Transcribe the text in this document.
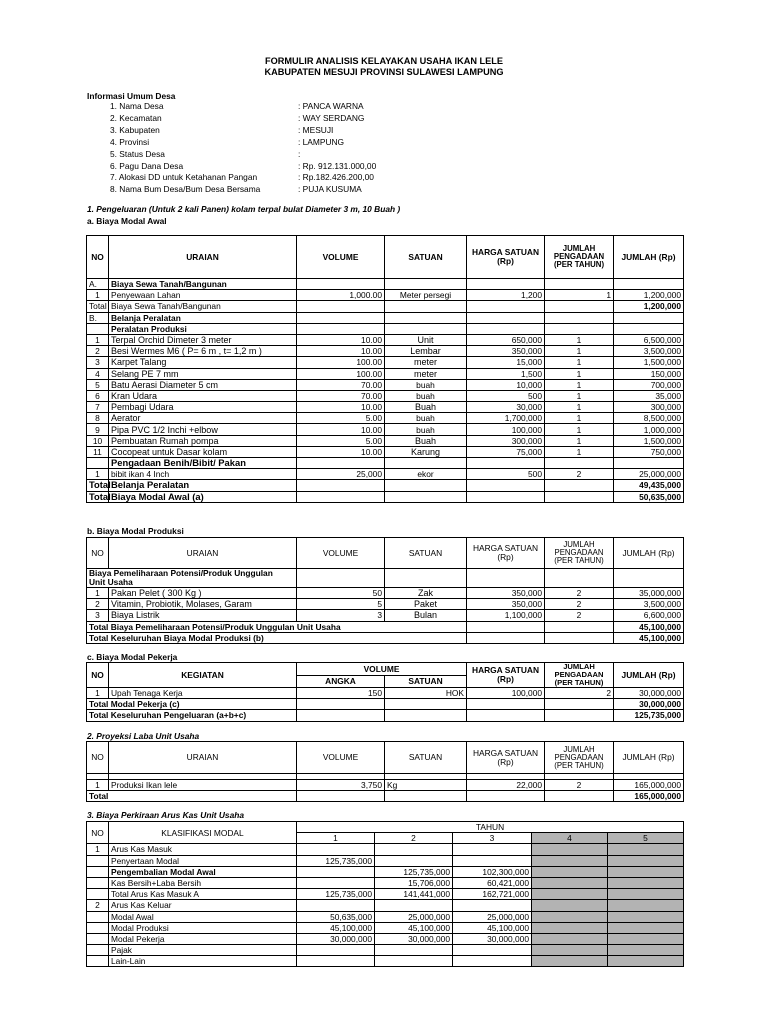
FORMULIR ANALISIS KELAYAKAN USAHA IKAN LELE
KABUPATEN MESUJI PROVINSI SULAWESI LAMPUNG
Informasi Umum Desa
1. Nama Desa	: PANCA WARNA
2. Kecamatan	: WAY SERDANG
3. Kabupaten	: MESUJI
4. Provinsi	: LAMPUNG
5. Status Desa	:
6. Pagu Dana Desa	: Rp. 912.131.000,00
7. Alokasi DD untuk Ketahanan Pangan	: Rp.182.426.200,00
8. Nama Bum Desa/Bum Desa Bersama	: PUJA KUSUMA
1. Pengeluaran (Untuk 2 kali Panen) kolam terpal bulat Diameter 3 m, 10 Buah )
a. Biaya Modal Awal
NO	URAIAN	VOLUME	SATUAN	HARGA SATUAN (Rp)	JUMLAH PENGADAAN (PER TAHUN)	JUMLAH (Rp)
A.	Biaya Sewa Tanah/Bangunan					
1	Penyewaan Lahan	1,000.00	Meter persegi	1,200	1	1,200,000
Total	Biaya Sewa Tanah/Bangunan					1,200,000
B.	Belanja Peralatan					
	Peralatan Produksi					
1	Terpal Orchid Dimeter 3 meter	10.00	Unit	650,000	1	6,500,000
2	Besi Wermes M6 ( P= 6 m , t= 1,2 m )	10.00	Lembar	350,000	1	3,500,000
3	Karpet Talang	100.00	meter	15,000	1	1,500,000
4	Selang PE 7 mm	100.00	meter	1,500	1	150,000
5	Batu Aerasi Diameter 5 cm	70.00	buah	10,000	1	700,000
6	Kran Udara	70.00	buah	500	1	35,000
7	Pembagi Udara	10.00	Buah	30,000	1	300,000
8	Aerator	5.00	buah	1,700,000	1	8,500,000
9	Pipa PVC 1/2 Inchi +elbow	10.00	buah	100,000	1	1,000,000
10	Pembuatan Rumah pompa	5.00	Buah	300,000	1	1,500,000
11	Cocopeat untuk Dasar kolam	10.00	Karung	75,000	1	750,000
	Pengadaan Benih/Bibit/ Pakan					
1	bibit ikan 4 Inch	25,000	ekor	500	2	25,000,000
Total	Belanja Peralatan					49,435,000
Total	Biaya Modal Awal (a)					50,635,000
b. Biaya Modal Produksi
NO	URAIAN	VOLUME	SATUAN	HARGA SATUAN (Rp)	JUMLAH PENGADAAN (PER TAHUN)	JUMLAH (Rp)

Biaya Pemeliharaan Potensi/Produk Unggulan
Unit Usaha						

1	Pakan Pelet ( 300 Kg )	50	Zak	350,000	2	35,000,000
2	Vitamin, Probiotik, Molases, Garam	5	Paket	350,000	2	3,500,000
3	Biaya Listrik	3	Bulan	1,100,000	2	6,600,000
Total Biaya Pemeliharaan Potensi/Produk Unggulan Unit Usaha						45,100,000
Total Keseluruhan Biaya Modal Produksi (b)						45,100,000
c. Biaya Modal Pekerja
NO	KEGIATAN	VOLUME		HARGA SATUAN (Rp)	JUMLAH PENGADAAN (PER TAHUN)	JUMLAH (Rp)
		ANGKA	SATUAN			
1	Upah Tenaga Kerja	150	HOK	100,000	2	30,000,000
Total Modal Pekerja (c)						30,000,000
Total Keseluruhan Pengeluaran (a+b+c)						125,735,000
2. Proyeksi Laba Unit Usaha
NO	URAIAN	VOLUME	SATUAN	HARGA SATUAN (Rp)	JUMLAH PENGADAAN (PER TAHUN)	JUMLAH (Rp)

1	Produksi Ikan lele	3,750	Kg	22,000	2	165,000,000
Total						165,000,000
3. Biaya Perkiraan Arus Kas Unit Usaha
NO	KLASIFIKASI MODAL	TAHUN				
		1	2	3	4	5
1	Arus Kas Masuk					
	Penyertaan Modal	125,735,000				
	Pengembalian Modal Awal		125,735,000	102,300,000		
	Kas Bersih+Laba Bersih		15,706,000	60,421,000		
	Total Arus Kas Masuk A	125,735,000	141,441,000	162,721,000		
2	Arus Kas Keluar					
	Modal Awal	50,635,000	25,000,000	25,000,000		
	Modal Produksi	45,100,000	45,100,000	45,100,000		
	Modal Pekerja	30,000,000	30,000,000	30,000,000		
	Pajak					
	Lain-Lain					
